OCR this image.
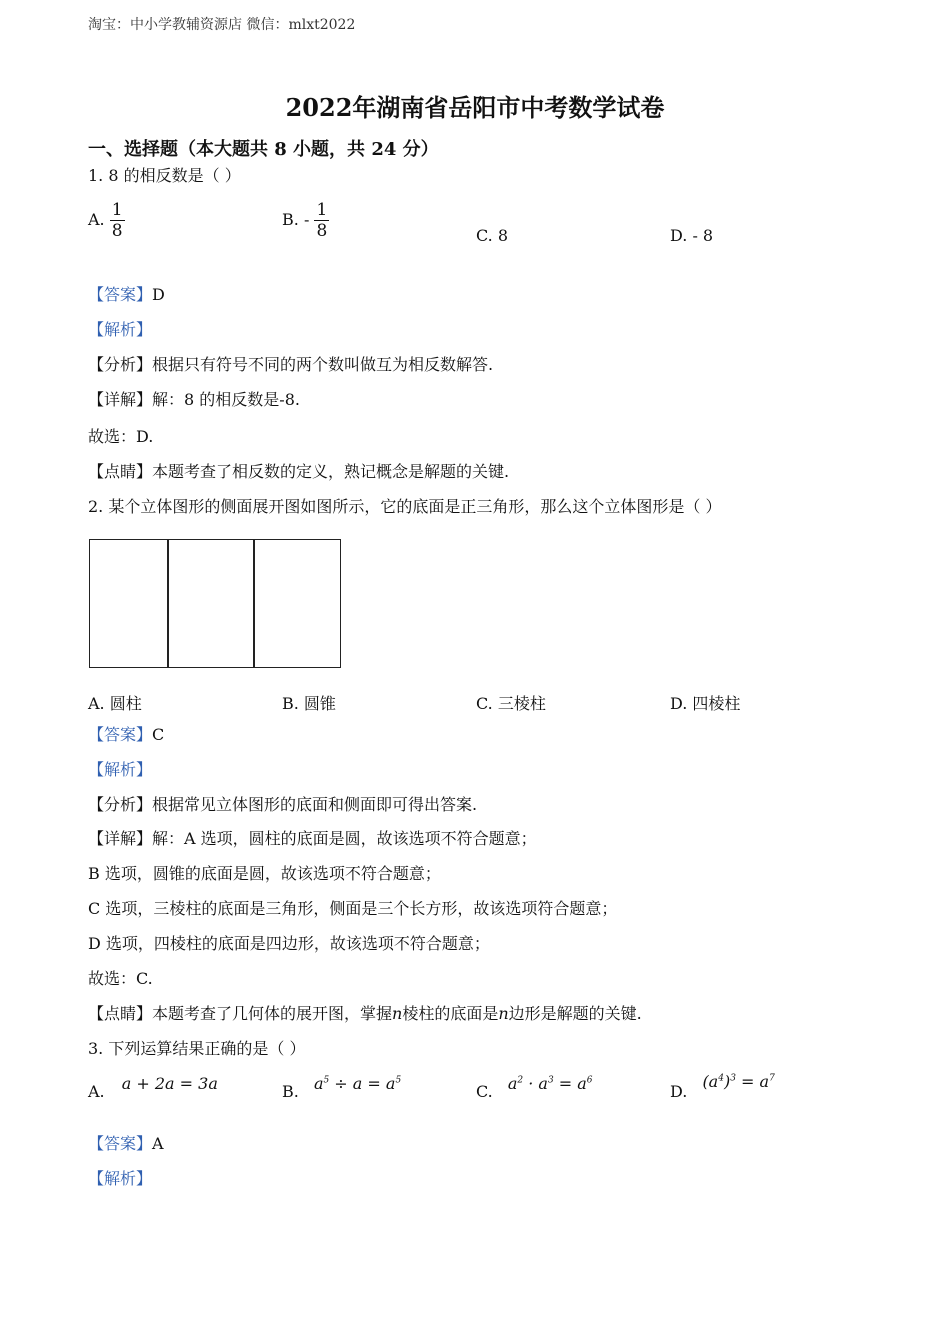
淘宝：中小学教辅资源店 微信：mlxt2022
2022年湖南省岳阳市中考数学试卷
一、选择题（本大题共 8 小题，共 24 分）
1. 8 的相反数是（ ）
A. $\frac{1}{8}$	B. - $\frac{1}{8}$	C. 8	D. - 8
【答案】D
【解析】
【分析】根据只有符号不同的两个数叫做互为相反数解答.
【详解】解：8 的相反数是-8.
故选：D.
【点睛】本题考查了相反数的定义，熟记概念是解题的关键.
2. 某个立体图形的侧面展开图如图所示，它的底面是正三角形，那么这个立体图形是（ ）
A. 圆柱	B. 圆锥	C. 三棱柱	D. 四棱柱
【答案】C
【解析】
【分析】根据常见立体图形的底面和侧面即可得出答案.
【详解】解：A 选项，圆柱的底面是圆，故该选项不符合题意；
B 选项，圆锥的底面是圆，故该选项不符合题意；
C 选项，三棱柱的底面是三角形，侧面是三个长方形，故该选项符合题意；
D 选项，四棱柱的底面是四边形，故该选项不符合题意；
故选：C.
【点睛】本题考查了几何体的展开图，掌握n棱柱的底面是n边形是解题的关键.
3. 下列运算结果正确的是（ ）
A. a + 2a = 3a	B. $a^5 \div a = a^5$
C. $a^2 \cdot a^3 = a^6$
D. $(a^4)^3 = a^7$
【答案】A
【解析】
